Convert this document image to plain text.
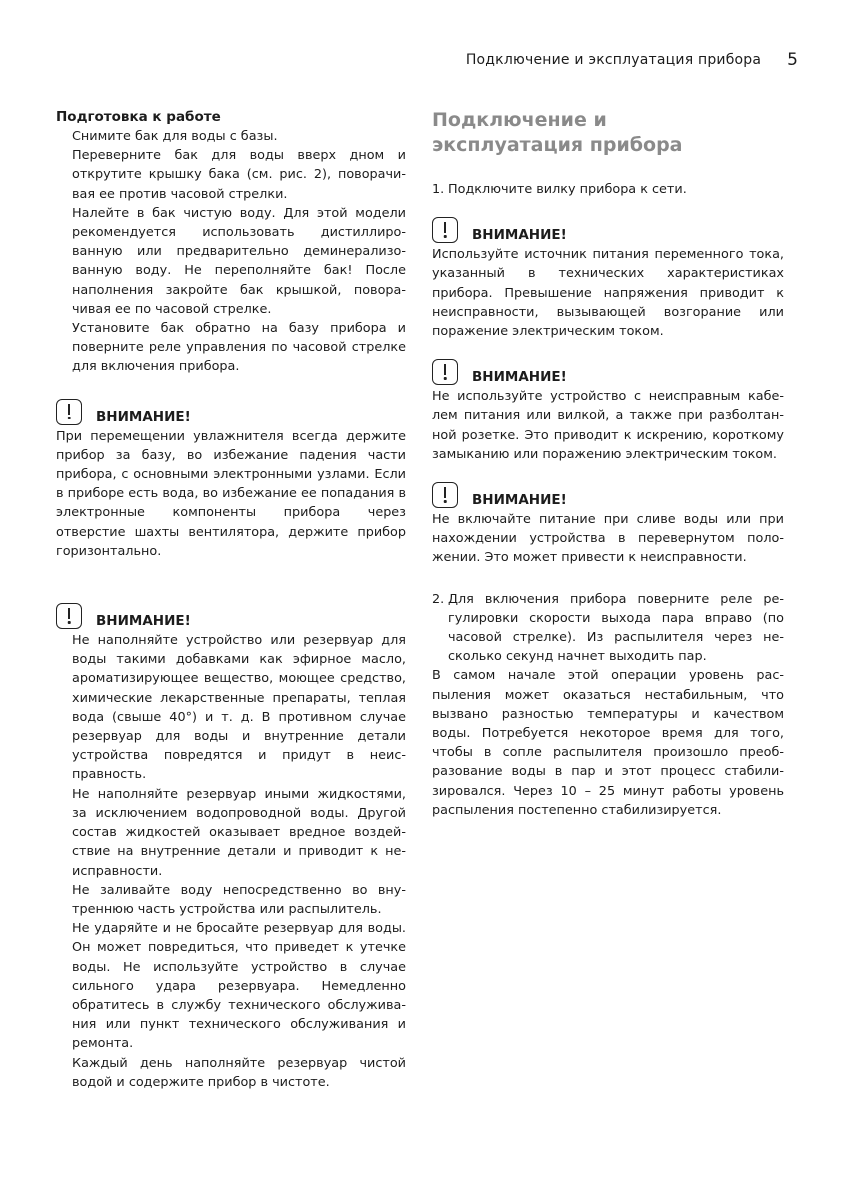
Подключение и эксплуатация прибора 5

Подготовка к работе

Снимите бак для воды с базы.

Переверните бак для воды вверх дном и открутите крышку бака (см. рис. 2), поворачивая ее против часовой стрелки.

Налейте в бак чистую воду. Для этой модели рекомендуется использовать дистиллированную или предварительно деминерализованную воду. Не переполняйте бак! После наполнения закройте бак крышкой, поворачивая ее по часовой стрелке.

Установите бак обратно на базу прибора и поверните реле управления по часовой стрелке для включения прибора.

ВНИМАНИЕ!

При перемещении увлажнителя всегда держите прибор за базу, во избежание падения части прибора, с основными электронными узлами. Если в приборе есть вода, во избежание ее попадания в электронные компоненты прибора через отверстие шахты вентилятора, держите прибор горизонтально.

ВНИМАНИЕ!

Не наполняйте устройство или резервуар для воды такими добавками как эфирное масло, ароматизирующее вещество, моющее средство, химические лекарственные препараты, теплая вода (свыше 40°) и т. д. В противном случае резервуар для воды и внутренние детали устройства повредятся и придут в неисправность.

Не наполняйте резервуар иными жидкостями, за исключением водопроводной воды. Другой состав жидкостей оказывает вредное воздействие на внутренние детали и приводит к неисправности.

Не заливайте воду непосредственно во внутреннюю часть устройства или распылитель.

Не ударяйте и не бросайте резервуар для воды. Он может повредиться, что приведет к утечке воды. Не используйте устройство в случае сильного удара резервуара. Немедленно обратитесь в службу технического обслуживания или пункт технического обслуживания и ремонта.

Каждый день наполняйте резервуар чистой водой и содержите прибор в чистоте.

Подключение и эксплуатация прибора

1. Подключите вилку прибора к сети.
ВНИМАНИЕ!

Используйте источник питания переменного тока, указанный в технических характеристиках прибора. Превышение напряжения приводит к неисправности, вызывающей возгорание или поражение электрическим током.

ВНИМАНИЕ!

Не используйте устройство с неисправным кабелем питания или вилкой, а также при разболтанной розетке. Это приводит к искрению, короткому замыканию или поражению электрическим током.

ВНИМАНИЕ!

Не включайте питание при сливе воды или при нахождении устройства в перевернутом положении. Это может привести к неисправности.

2. Для включения прибора поверните реле регулировки скорости выхода пара вправо (по часовой стрелке). Из распылителя через несколько секунд начнет выходить пар.

В самом начале этой операции уровень распыления может оказаться нестабильным, что вызвано разностью температуры и качеством воды. Потребуется некоторое время для того, чтобы в сопле распылителя произошло преобразование воды в пар и этот процесс стабилизировался. Через 10 – 25 минут работы уровень распыления постепенно стабилизируется.
